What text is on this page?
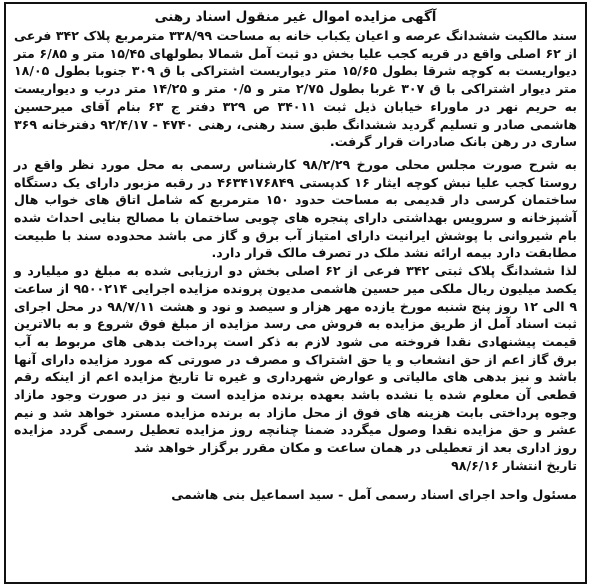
آگهی مزایده اموال غیر منقول اسناد رهنی

سند مالکیت ششدانگ عرصه و اعیان یکباب خانه به مساحت ۳۳۸/۹۹ مترمربع پلاک ۳۴۲ فرعی از ۶۲ اصلی واقع در قریه کجب علیا بخش دو ثبت آمل شمالا بطولهای ۱۵/۴۵ متر و ۶/۸۵ متر دیواریست به کوچه شرقا بطول ۱۵/۶۵ متر دیواریست اشتراکی با ق ۳۰۹ جنوبا بطول ۱۸/۰۵ متر دیوار اشتراکی با ق ۳۰۷ غربا بطول ۲/۷۵ متر و ۰/۵ متر و ۱۴/۲۵ متر درب و دیواریست به حریم نهر در ماوراء خیابان ذیل ثبت ۳۴۰۱۱ ص ۳۲۹ دفتر ج ۶۳ بنام آقای میرحسین هاشمی صادر و تسلیم گردید ششدانگ طبق سند رهنی، رهنی ۴۷۴۰ - ۹۲/۴/۱۷ دفترخانه ۳۶۹ ساری در رهن بانک صادرات قرار گرفت.

به شرح صورت مجلس محلی مورخ ۹۸/۲/۲۹ کارشناس رسمی به محل مورد نظر واقع در روستا کجب علیا نبش کوچه ایثار ۱۶ کدپستی ۴۶۳۴۱۷۶۸۴۹ در رقبه مزبور دارای یک دستگاه ساختمان کرسی دار قدیمی به مساحت حدود ۱۵۰ مترمربع که شامل اتاق های خواب هال آشپزخانه و سرویس بهداشتی دارای پنجره های چوبی ساختمان با مصالح بنایی احداث شده بام شیروانی با پوشش ایرانیت دارای امتیاز آب برق و گاز می باشد محدوده سند با طبیعت مطابقت دارد بیمه ارائه نشد ملک در تصرف مالک قرار دارد.

لذا ششدانگ پلاک ثبتی ۳۴۲ فرعی از ۶۲ اصلی بخش دو ارزیابی شده به مبلغ دو میلیارد و یکصد میلیون ریال ملکی میر حسین هاشمی مدیون پرونده مزایده اجرایی ۹۵۰۰۲۱۴ از ساعت ۹ الی ۱۲ روز پنج شنبه مورخ یازده مهر هزار و سیصد و نود و هشت ۹۸/۷/۱۱ در محل اجرای ثبت اسناد آمل از طریق مزایده به فروش می رسد مزایده از مبلغ فوق شروع و به بالاترین قیمت پیشنهادی نقدا فروخته می شود لازم به ذکر است پرداخت بدهی های مربوط به آب برق گاز اعم از حق انشعاب و یا حق اشتراک و مصرف در صورتی که مورد مزایده دارای آنها باشد و نیز بدهی های مالیاتی و عوارض شهرداری و غیره تا تاریخ مزایده اعم از اینکه رقم قطعی آن معلوم شده یا نشده باشد بعهده برنده مزایده است و نیز در صورت وجود مازاد وجوه پرداختی بابت هزینه های فوق از محل مازاد به برنده مزایده مسترد خواهد شد و نیم عشر و حق مزایده نقدا وصول میگردد ضمنا چنانچه روز مزایده تعطیل رسمی گردد مزایده روز اداری بعد از تعطیلی در همان ساعت و مکان مقرر برگزار خواهد شد

تاریخ انتشار ۹۸/۶/۱۶

مسئول واحد اجرای اسناد رسمی آمل - سید اسماعیل بنی هاشمی
